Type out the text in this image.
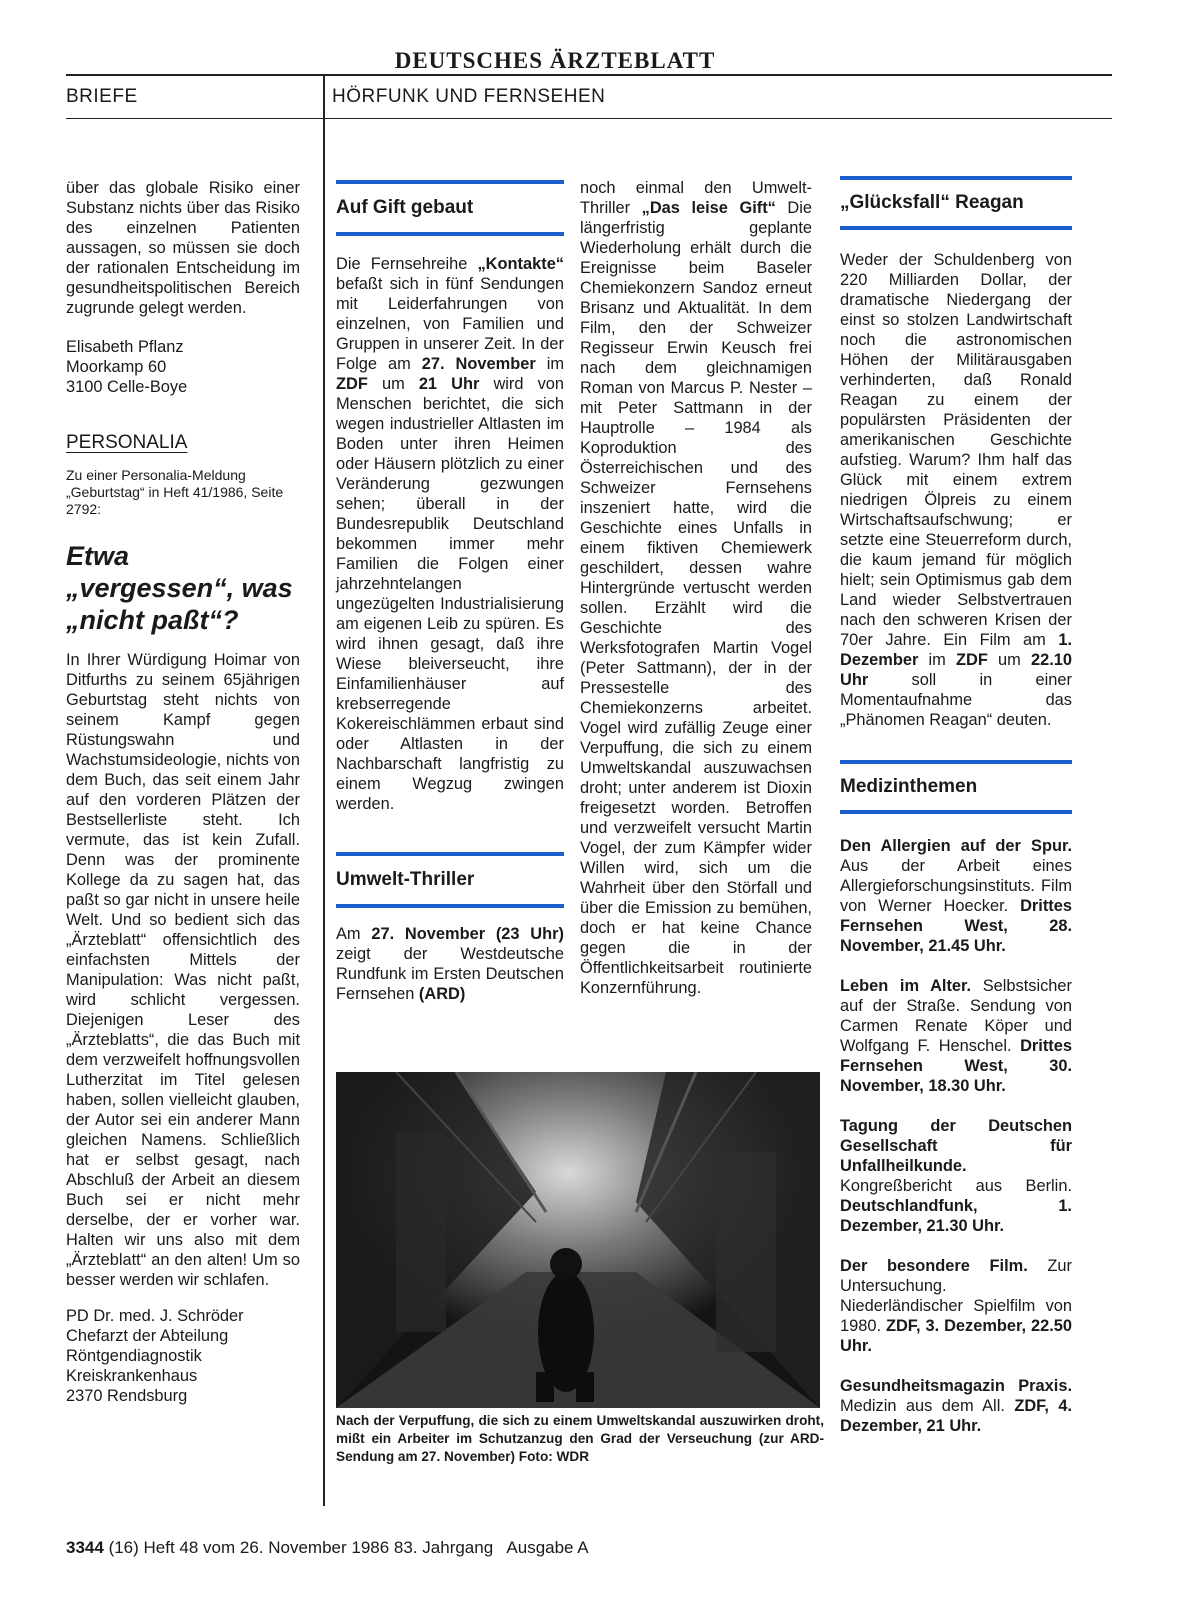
DEUTSCHES ÄRZTEBLATT
BRIEFE	HÖRFUNK UND FERNSEHEN

über das globale Risiko einer Substanz nichts über das Risiko des einzelnen Patienten aussagen, so müssen sie doch der rationalen Entscheidung im gesundheitspolitischen Bereich zugrunde gelegt werden.

Elisabeth Pflanz
Moorkamp 60
3100 Celle-Boye
PERSONALIA

Zu einer Personalia-Meldung „Geburtstag“ in Heft 41/1986, Seite 2792:

Etwa „vergessen“, was „nicht paßt“?

In Ihrer Würdigung Hoimar von Ditfurths zu seinem 65jährigen Geburtstag steht nichts von seinem Kampf gegen Rüstungswahn und Wachstumsideologie, nichts von dem Buch, das seit einem Jahr auf den vorderen Plätzen der Bestsellerliste steht. Ich vermute, das ist kein Zufall. Denn was der prominente Kollege da zu sagen hat, das paßt so gar nicht in unsere heile Welt. Und so bedient sich das „Ärzteblatt“ offensichtlich des einfachsten Mittels der Manipulation: Was nicht paßt, wird schlicht vergessen. Diejenigen Leser des „Ärzteblatts“, die das Buch mit dem verzweifelt hoffnungsvollen Lutherzitat im Titel gelesen haben, sollen vielleicht glauben, der Autor sei ein anderer Mann gleichen Namens. Schließlich hat er selbst gesagt, nach Abschluß der Arbeit an diesem Buch sei er nicht mehr derselbe, der er vorher war. Halten wir uns also mit dem „Ärzteblatt“ an den alten! Um so besser werden wir schlafen.

PD Dr. med. J. Schröder
Chefarzt der Abteilung
Röntgendiagnostik
Kreiskrankenhaus
2370 Rendsburg
Auf Gift gebaut

Die Fernsehreihe „Kontakte“ befaßt sich in fünf Sendungen mit Leiderfahrungen von einzelnen, von Familien und Gruppen in unserer Zeit. In der Folge am 27. November im ZDF um 21 Uhr wird von Menschen berichtet, die sich wegen industrieller Altlasten im Boden unter ihren Heimen oder Häusern plötzlich zu einer Veränderung gezwungen sehen; überall in der Bundesrepublik Deutschland bekommen immer mehr Familien die Folgen einer jahrzehntelangen ungezügelten Industrialisierung am eigenen Leib zu spüren. Es wird ihnen gesagt, daß ihre Wiese bleiverseucht, ihre Einfamilienhäuser auf krebserregende Kokereischlämmen erbaut sind oder Altlasten in der Nachbarschaft langfristig zu einem Wegzug zwingen werden.

Umwelt-Thriller

Am 27. November (23 Uhr) zeigt der Westdeutsche Rundfunk im Ersten Deutschen Fernsehen (ARD)

noch einmal den Umwelt-Thriller „Das leise Gift“ Die längerfristig geplante Wiederholung erhält durch die Ereignisse beim Baseler Chemiekonzern Sandoz erneut Brisanz und Aktualität. In dem Film, den der Schweizer Regisseur Erwin Keusch frei nach dem gleichnamigen Roman von Marcus P. Nester – mit Peter Sattmann in der Hauptrolle – 1984 als Koproduktion des Österreichischen und des Schweizer Fernsehens inszeniert hatte, wird die Geschichte eines Unfalls in einem fiktiven Chemiewerk geschildert, dessen wahre Hintergründe vertuscht werden sollen. Erzählt wird die Geschichte des Werksfotografen Martin Vogel (Peter Sattmann), der in der Pressestelle des Chemiekonzerns arbeitet. Vogel wird zufällig Zeuge einer Verpuffung, die sich zu einem Umweltskandal auszuwachsen droht; unter anderem ist Dioxin freigesetzt worden. Betroffen und verzweifelt versucht Martin Vogel, der zum Kämpfer wider Willen wird, sich um die Wahrheit über den Störfall und über die Emission zu bemühen, doch er hat keine Chance gegen die in der Öffentlichkeitsarbeit routinierte Konzernführung.

Nach der Verpuffung, die sich zu einem Umweltskandal auszuwirken droht, mißt ein Arbeiter im Schutzanzug den Grad der Verseuchung (zur ARD-Sendung am 27. November) Foto: WDR
„Glücksfall“ Reagan

Weder der Schuldenberg von 220 Milliarden Dollar, der dramatische Niedergang der einst so stolzen Landwirtschaft noch die astronomischen Höhen der Militärausgaben verhinderten, daß Ronald Reagan zu einem der populärsten Präsidenten der amerikanischen Geschichte aufstieg. Warum? Ihm half das Glück mit einem extrem niedrigen Ölpreis zu einem Wirtschaftsaufschwung; er setzte eine Steuerreform durch, die kaum jemand für möglich hielt; sein Optimismus gab dem Land wieder Selbstvertrauen nach den schweren Krisen der 70er Jahre. Ein Film am 1. Dezember im ZDF um 22.10 Uhr soll in einer Momentaufnahme das „Phänomen Reagan“ deuten.

Medizinthemen

Den Allergien auf der Spur. Aus der Arbeit eines Allergieforschungsinstituts. Film von Werner Hoecker. Drittes Fernsehen West, 28. November, 21.45 Uhr.

Leben im Alter. Selbstsicher auf der Straße. Sendung von Carmen Renate Köper und Wolfgang F. Henschel. Drittes Fernsehen West, 30. November, 18.30 Uhr.

Tagung der Deutschen Gesellschaft für Unfallheilkunde. Kongreßbericht aus Berlin. Deutschlandfunk, 1. Dezember, 21.30 Uhr.

Der besondere Film. Zur Untersuchung. Niederländischer Spielfilm von 1980. ZDF, 3. Dezember, 22.50 Uhr.

Gesundheitsmagazin Praxis. Medizin aus dem All. ZDF, 4. Dezember, 21 Uhr.

3344 (16) Heft 48 vom 26. November 1986 83. Jahrgang   Ausgabe A
